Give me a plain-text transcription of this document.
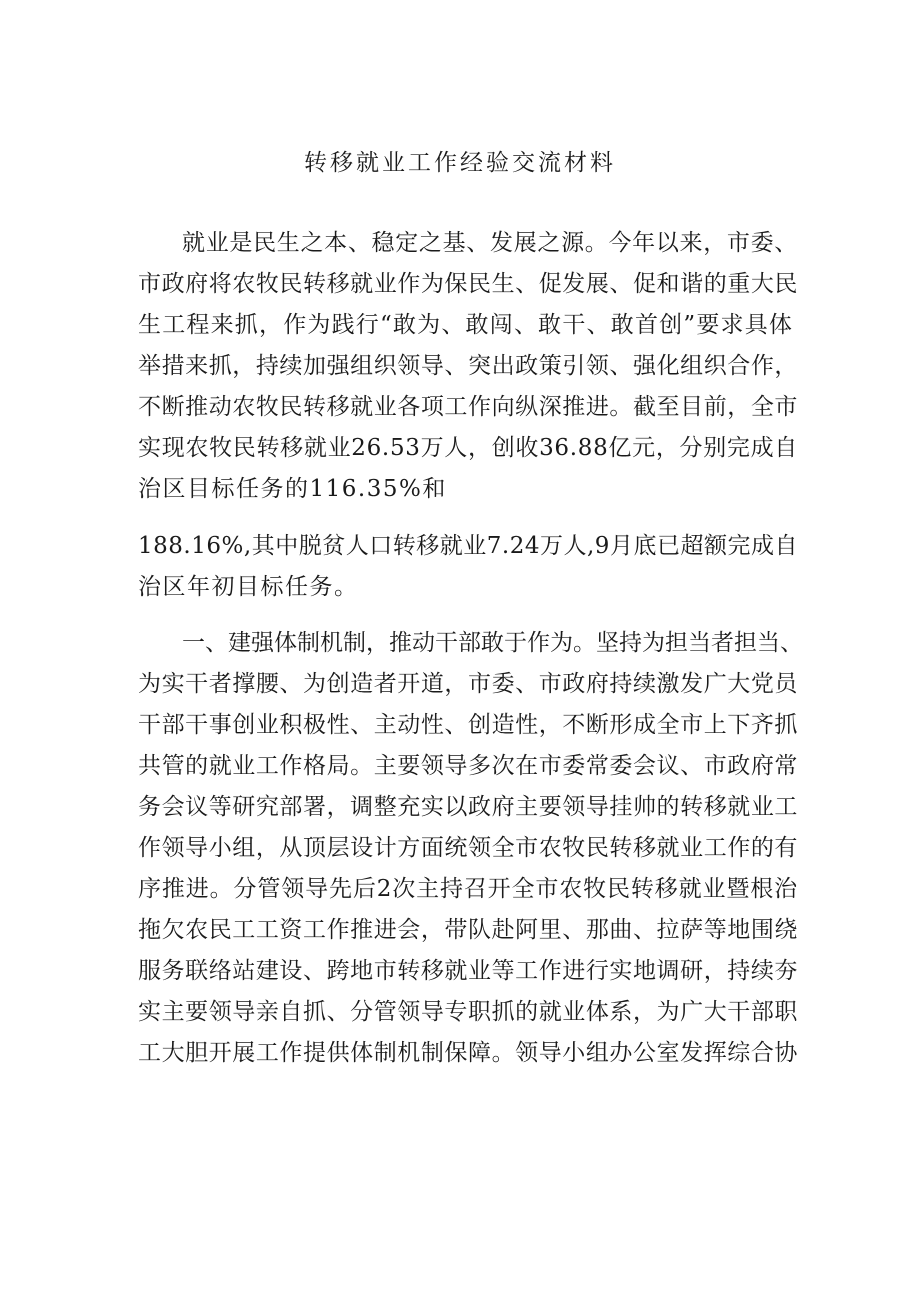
转移就业工作经验交流材料
就业是民生之本、稳定之基、发展之源。今年以来，市委、
市政府将农牧民转移就业作为保民生、促发展、促和谐的重大民
生工程来抓，作为践行“敢为、敢闯、敢干、敢首创”要求具体
举措来抓，持续加强组织领导、突出政策引领、强化组织合作，
不断推动农牧民转移就业各项工作向纵深推进。截至目前，全市
实现农牧民转移就业26.53万人，创收36.88亿元，分别完成自
治区目标任务的116.35%和
188.16%,其中脱贫人口转移就业7.24万人,9月底已超额完成自
治区年初目标任务。
一、建强体制机制，推动干部敢于作为。坚持为担当者担当、
为实干者撑腰、为创造者开道，市委、市政府持续激发广大党员
干部干事创业积极性、主动性、创造性，不断形成全市上下齐抓
共管的就业工作格局。主要领导多次在市委常委会议、市政府常
务会议等研究部署，调整充实以政府主要领导挂帅的转移就业工
作领导小组，从顶层设计方面统领全市农牧民转移就业工作的有
序推进。分管领导先后2次主持召开全市农牧民转移就业暨根治
拖欠农民工工资工作推进会，带队赴阿里、那曲、拉萨等地围绕
服务联络站建设、跨地市转移就业等工作进行实地调研，持续夯
实主要领导亲自抓、分管领导专职抓的就业体系，为广大干部职
工大胆开展工作提供体制机制保障。领导小组办公室发挥综合协
